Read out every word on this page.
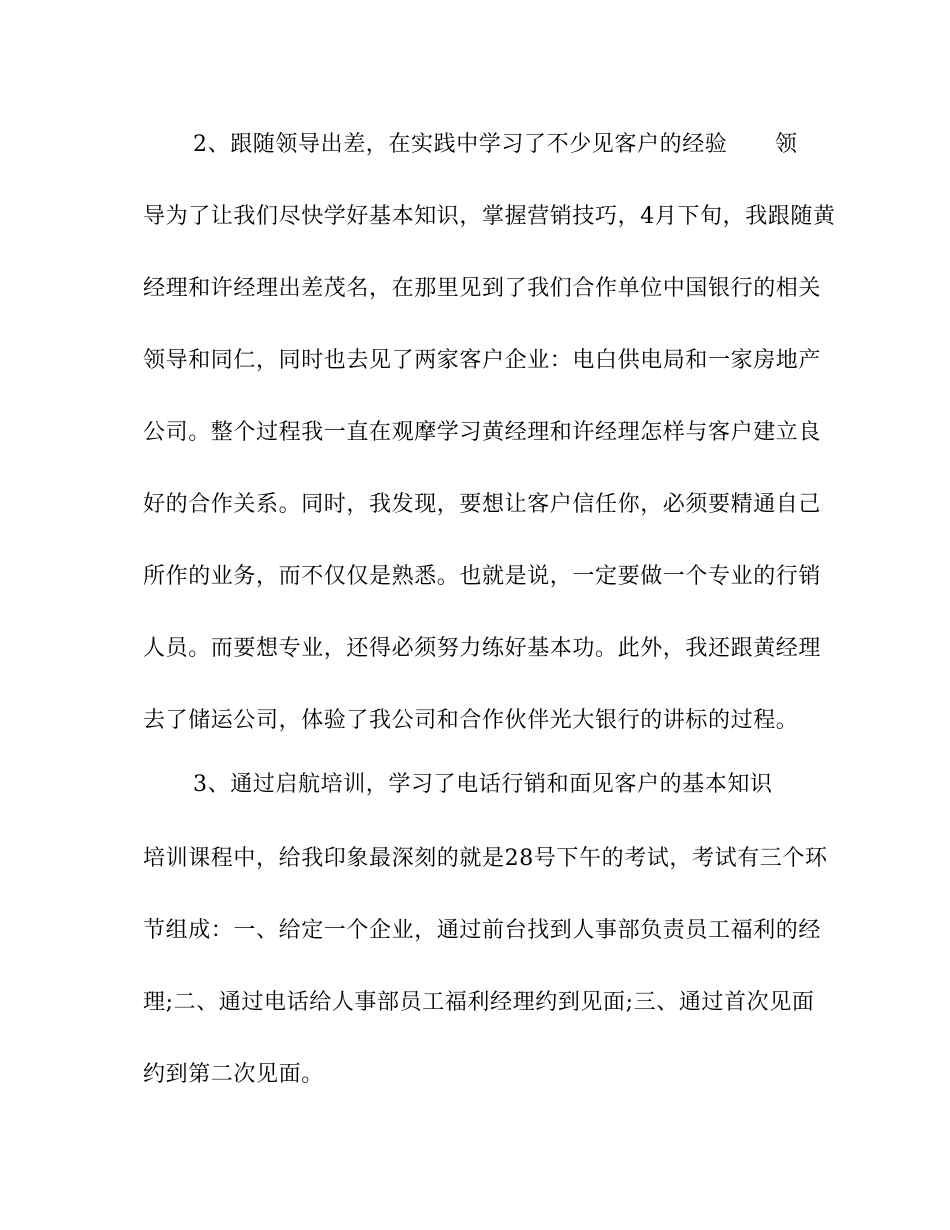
2、跟随领导出差，在实践中学习了不少见客户的经验	领
导为了让我们尽快学好基本知识，掌握营销技巧，4月下旬，我跟随黄
经理和许经理出差茂名，在那里见到了我们合作单位中国银行的相关
领导和同仁，同时也去见了两家客户企业：电白供电局和一家房地产
公司。整个过程我一直在观摩学习黄经理和许经理怎样与客户建立良
好的合作关系。同时，我发现，要想让客户信任你，必须要精通自己
所作的业务，而不仅仅是熟悉。也就是说，一定要做一个专业的行销
人员。而要想专业，还得必须努力练好基本功。此外，我还跟黄经理
去了储运公司，体验了我公司和合作伙伴光大银行的讲标的过程。
3、通过启航培训，学习了电话行销和面见客户的基本知识
培训课程中，给我印象最深刻的就是28号下午的考试，考试有三个环
节组成：一、给定一个企业，通过前台找到人事部负责员工福利的经
理;二、通过电话给人事部员工福利经理约到见面;三、通过首次见面
约到第二次见面。
